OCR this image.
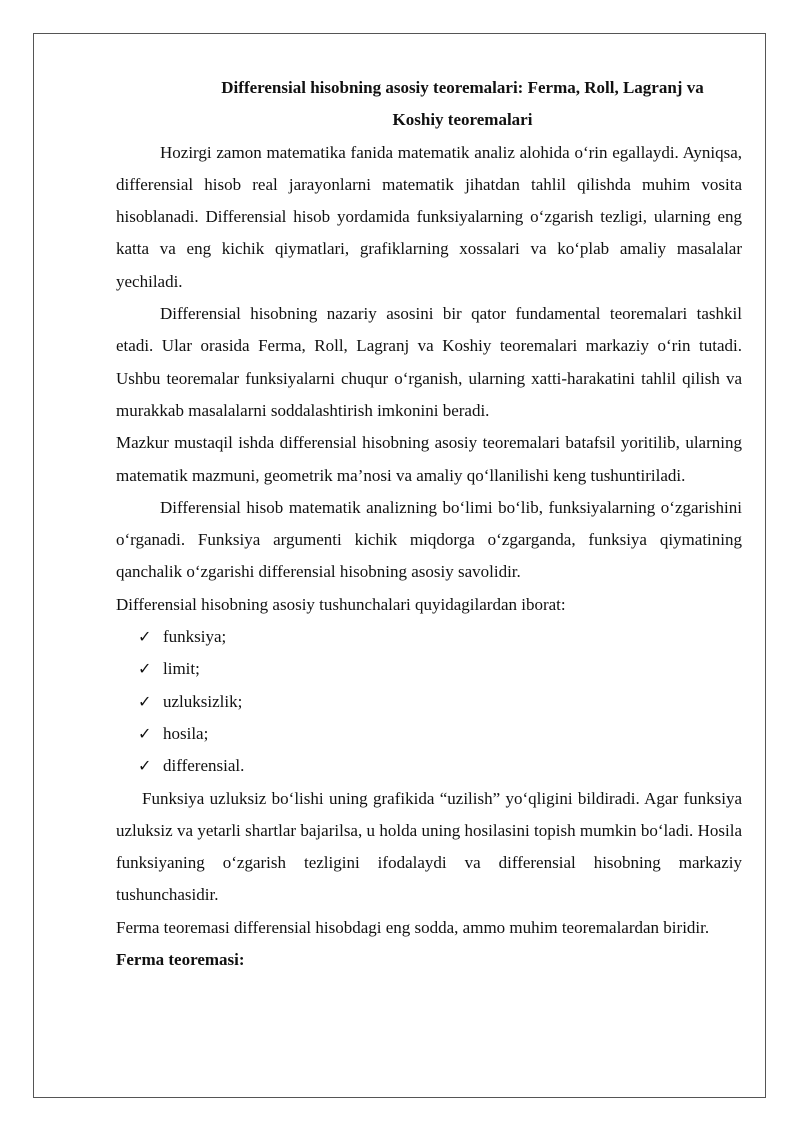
Differensial hisobning asosiy teoremalari: Ferma, Roll, Lagranj va
Koshiy teoremalari

Hozirgi zamon matematika fanida matematik analiz alohida o‘rin egallaydi. Ayniqsa, differensial hisob real jarayonlarni matematik jihatdan tahlil qilishda muhim vosita hisoblanadi. Differensial hisob yordamida funksiyalarning o‘zgarish tezligi, ularning eng katta va eng kichik qiymatlari, grafiklarning xossalari va ko‘plab amaliy masalalar yechiladi.

Differensial hisobning nazariy asosini bir qator fundamental teoremalari tashkil etadi. Ular orasida Ferma, Roll, Lagranj va Koshiy teoremalari markaziy o‘rin tutadi. Ushbu teoremalar funksiyalarni chuqur o‘rganish, ularning xatti-harakatini tahlil qilish va murakkab masalalarni soddalashtirish imkonini beradi.

Mazkur mustaqil ishda differensial hisobning asosiy teoremalari batafsil yoritilib, ularning matematik mazmuni, geometrik ma’nosi va amaliy qo‘llanilishi keng tushuntiriladi.

Differensial hisob matematik analizning bo‘limi bo‘lib, funksiyalarning o‘zgarishini o‘rganadi. Funksiya argumenti kichik miqdorga o‘zgarganda, funksiya qiymatining qanchalik o‘zgarishi differensial hisobning asosiy savolidir.

Differensial hisobning asosiy tushunchalari quyidagilardan iborat:

✓ funksiya;
✓ limit;
✓ uzluksizlik;
✓ hosila;
✓ differensial.

Funksiya uzluksiz bo‘lishi uning grafikida “uzilish” yo‘qligini bildiradi. Agar funksiya uzluksiz va yetarli shartlar bajarilsa, u holda uning hosilasini topish mumkin bo‘ladi. Hosila funksiyaning o‘zgarish tezligini ifodalaydi va differensial hisobning markaziy tushunchasidir.

Ferma teoremasi differensial hisobdagi eng sodda, ammo muhim teoremalardan biridir.

Ferma teoremasi:
